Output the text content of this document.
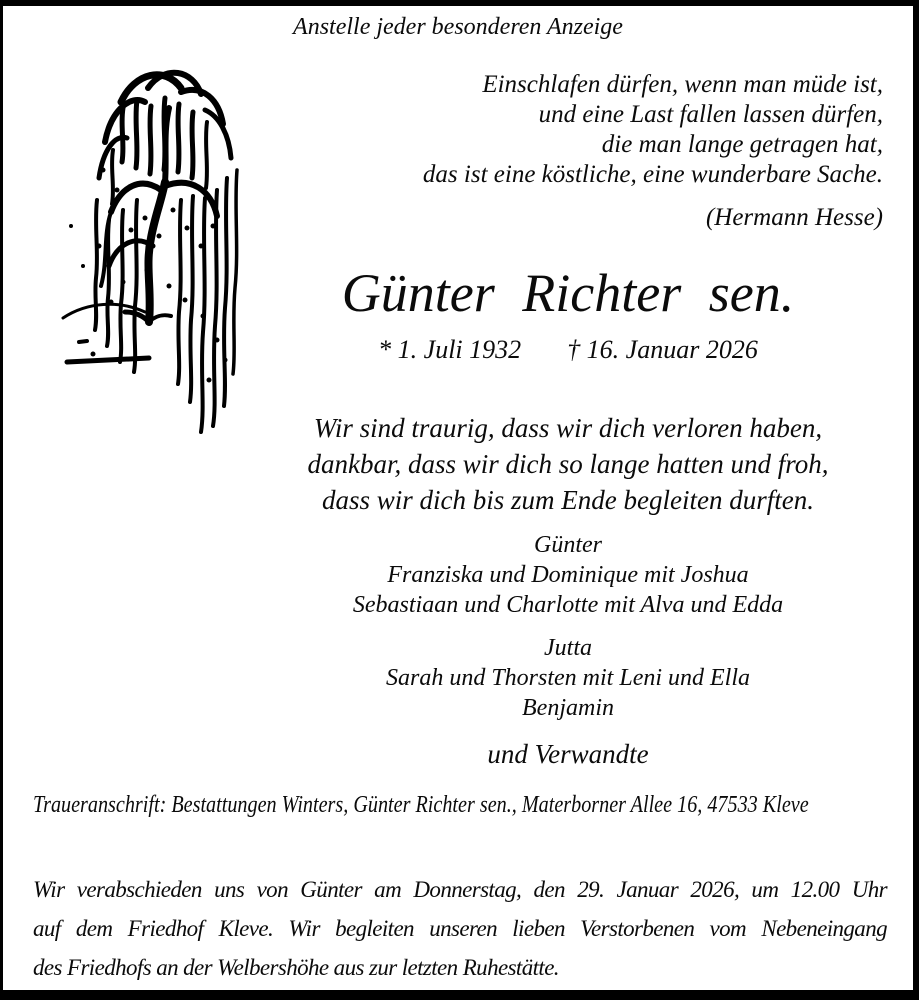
Anstelle jeder besonderen Anzeige
Einschlafen dürfen, wenn man müde ist,
und eine Last fallen lassen dürfen,
die man lange getragen hat,
das ist eine köstliche, eine wunderbare Sache.
(Hermann Hesse)
Günter Richter sen.
* 1. Juli 1932 † 16. Januar 2026
Wir sind traurig, dass wir dich verloren haben,
dankbar, dass wir dich so lange hatten und froh,
dass wir dich bis zum Ende begleiten durften.
Günter
Franziska und Dominique mit Joshua
Sebastiaan und Charlotte mit Alva und Edda
Jutta
Sarah und Thorsten mit Leni und Ella
Benjamin
und Verwandte
Traueranschrift: Bestattungen Winters, Günter Richter sen., Materborner Allee 16, 47533 Kleve
Wir verabschieden uns von Günter am Donnerstag, den 29. Januar 2026, um 12.00 Uhr
auf dem Friedhof Kleve. Wir begleiten unseren lieben Verstorbenen vom Nebeneingang
des Friedhofs an der Welbershöhe aus zur letzten Ruhestätte.
